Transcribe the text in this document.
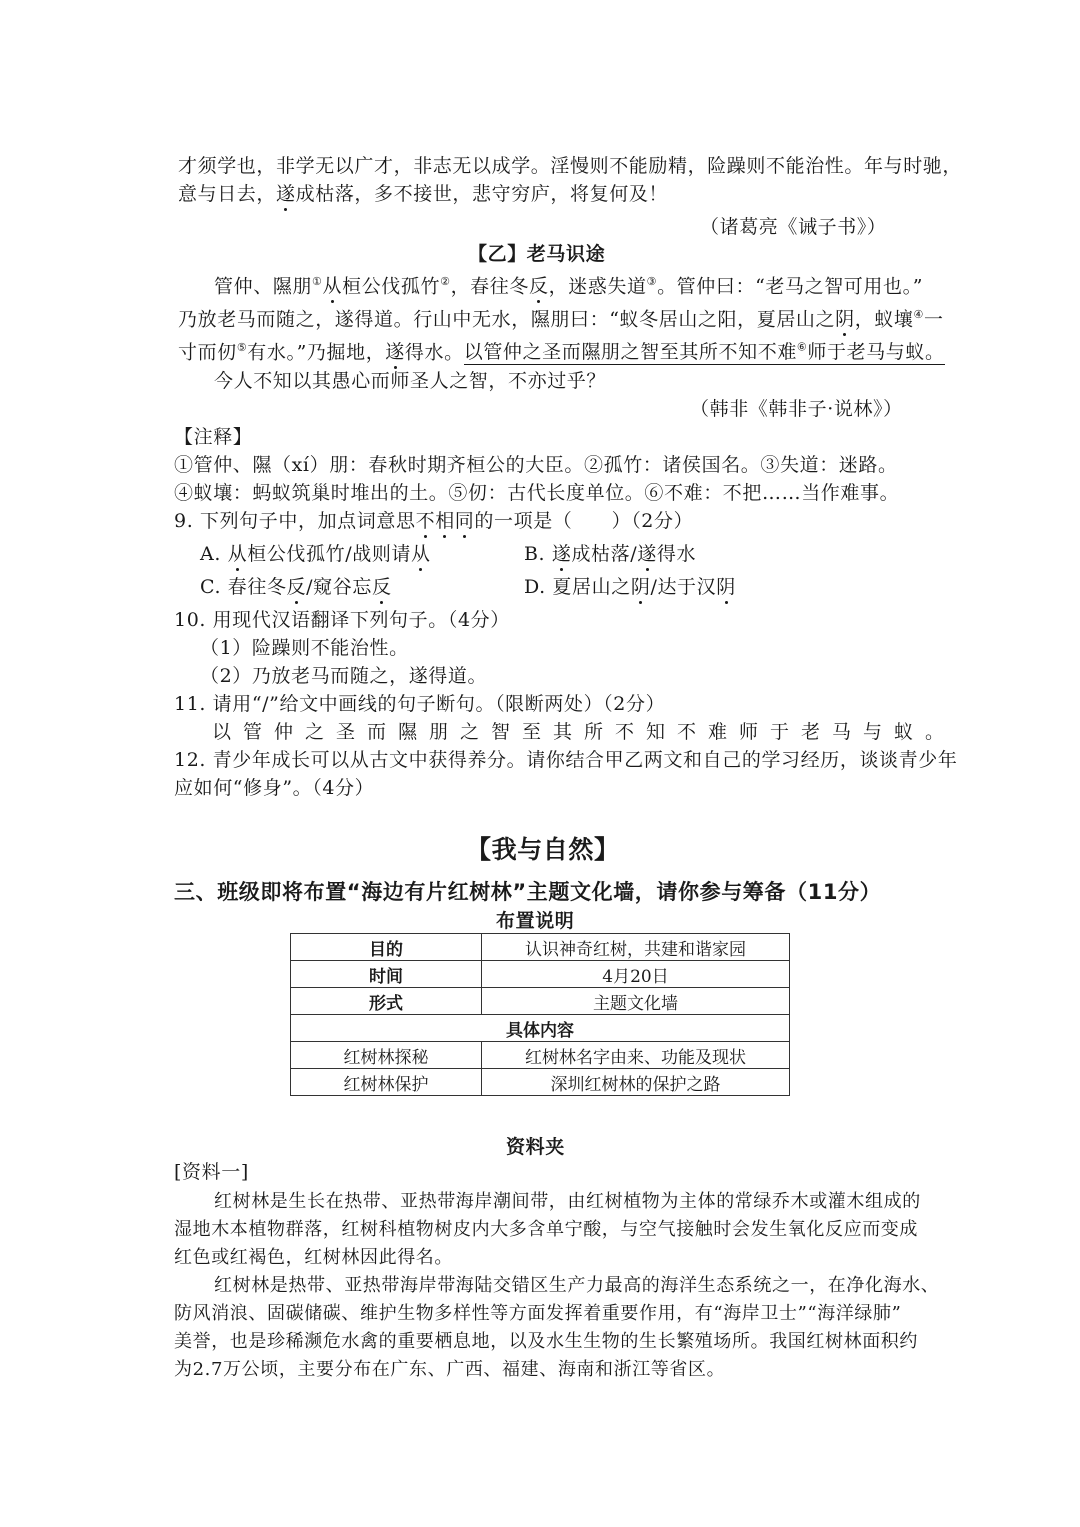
才须学也，非学无以广才，非志无以成学。淫慢则不能励精，险躁则不能治性。年与时驰，
意与日去，遂成枯落，多不接世，悲守穷庐，将复何及！
（诸葛亮《诫子书》）
【乙】老马识途
管仲、隰朋①从桓公伐孤竹②，春往冬反，迷惑失道③。管仲曰：“老马之智可用也。”
乃放老马而随之，遂得道。行山中无水，隰朋曰：“蚁冬居山之阳，夏居山之阴，蚁壤④一
寸而仞⑤有水。”乃掘地，遂得水。以管仲之圣而隰朋之智至其所不知不难⑥师于老马与蚁。
今人不知以其愚心而师圣人之智，不亦过乎？
（韩非《韩非子·说林》）
【注释】
①管仲、隰（xí）朋：春秋时期齐桓公的大臣。②孤竹：诸侯国名。③失道：迷路。
④蚁壤：蚂蚁筑巢时堆出的土。⑤仞：古代长度单位。⑥不难：不把……当作难事。
9. 下列句子中，加点词意思不相同的一项是（　　）（2分）
A. 从桓公伐孤竹/战则请从	B. 遂成枯落/遂得水
C. 春往冬反/窥谷忘反	D. 夏居山之阴/达于汉阴
10. 用现代汉语翻译下列句子。（4分）
（1）险躁则不能治性。
（2）乃放老马而随之，遂得道。
11. 请用“/”给文中画线的句子断句。（限断两处）（2分）
以管仲之圣而隰朋之智至其所不知不难师于老马与蚁。
12. 青少年成长可以从古文中获得养分。请你结合甲乙两文和自己的学习经历，谈谈青少年
应如何“修身”。（4分）
【我与自然】
三、班级即将布置“海边有片红树林”主题文化墙，请你参与筹备（11分）
布置说明
目的	认识神奇红树，共建和谐家园
时间	4月20日
形式	主题文化墙
具体内容	
红树林探秘	红树林名字由来、功能及现状
红树林保护	深圳红树林的保护之路
资料夹
[资料一]
红树林是生长在热带、亚热带海岸潮间带，由红树植物为主体的常绿乔木或灌木组成的
湿地木本植物群落，红树科植物树皮内大多含单宁酸，与空气接触时会发生氧化反应而变成
红色或红褐色，红树林因此得名。
红树林是热带、亚热带海岸带海陆交错区生产力最高的海洋生态系统之一，在净化海水、
防风消浪、固碳储碳、维护生物多样性等方面发挥着重要作用，有“海岸卫士”“海洋绿肺”
美誉，也是珍稀濒危水禽的重要栖息地，以及水生生物的生长繁殖场所。我国红树林面积约
为2.7万公顷，主要分布在广东、广西、福建、海南和浙江等省区。
